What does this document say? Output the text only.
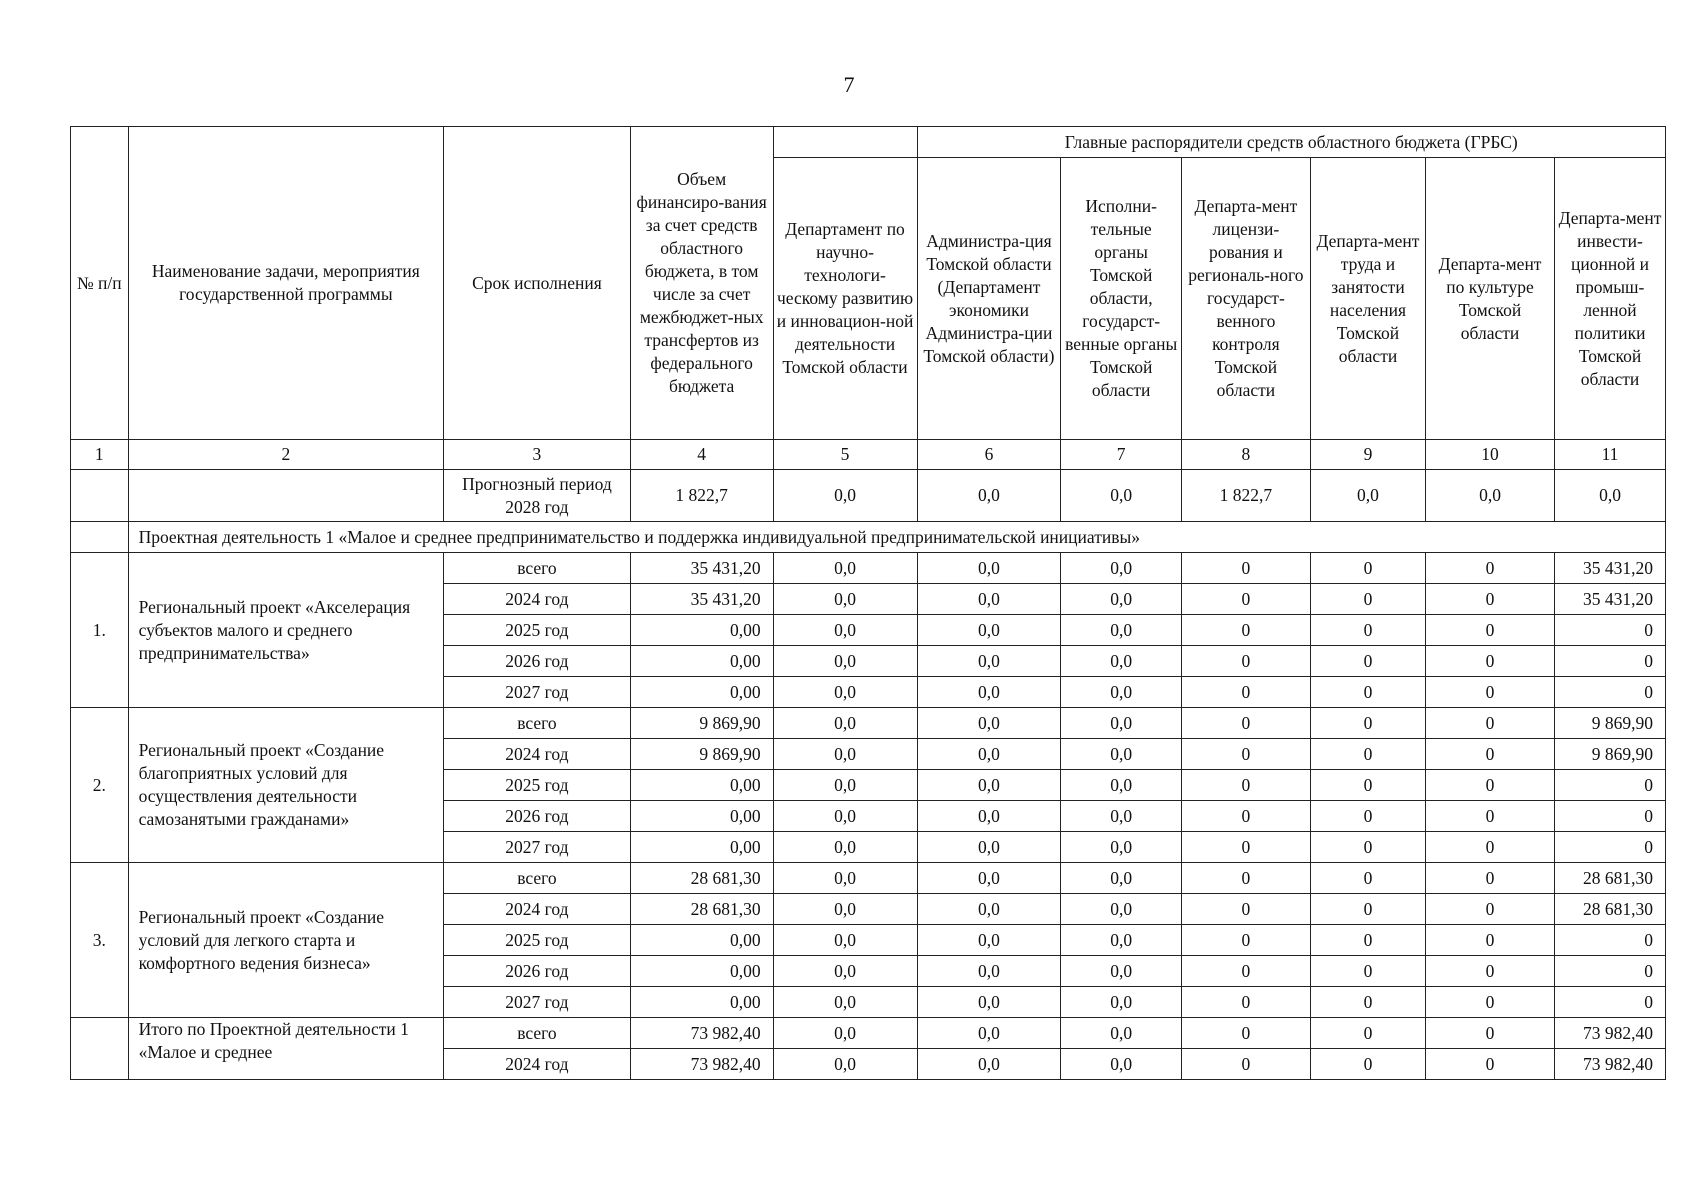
7
№ п/п	Наименование задачи, мероприятия государственной программы	Срок исполнения	Объем финансиро-вания за счет средств областного бюджета, в том числе за счет межбюджет-ных трансфертов из федерального бюджета		Главные распорядители средств областного бюджета (ГРБС)					
				Департамент по научно-технологи-ческому развитию и инновацион-ной деятельности Томской области	Администра-ция Томской области (Департамент экономики Администра-ции Томской области)	Исполни-тельные органы Томской области, государст-венные органы Томской области	Департа-мент лицензи-рования и региональ-ного государст-венного контроля Томской области	Департа-мент труда и занятости населения Томской области	Департа-мент по культуре Томской области	Департа-мент инвести-ционной и промыш-ленной политики Томской области
1	2	3	4	5	6	7	8	9	10	11
		Прогнозный период 2028 год	1 822,7	0,0	0,0	0,0	1 822,7	0,0	0,0	0,0
	Проектная деятельность 1 «Малое и среднее предпринимательство и поддержка индивидуальной предпринимательской инициативы»									
1.	Региональный проект «Акселерация субъектов малого и среднего предпринимательства»	всего	35 431,20	0,0	0,0	0,0	0	0	0	35 431,20
		2024 год	35 431,20	0,0	0,0	0,0	0	0	0	35 431,20
		2025 год	0,00	0,0	0,0	0,0	0	0	0	0
		2026 год	0,00	0,0	0,0	0,0	0	0	0	0
		2027 год	0,00	0,0	0,0	0,0	0	0	0	0
2.	Региональный проект «Создание благоприятных условий для осуществления деятельности самозанятыми гражданами»	всего	9 869,90	0,0	0,0	0,0	0	0	0	9 869,90
		2024 год	9 869,90	0,0	0,0	0,0	0	0	0	9 869,90
		2025 год	0,00	0,0	0,0	0,0	0	0	0	0
		2026 год	0,00	0,0	0,0	0,0	0	0	0	0
		2027 год	0,00	0,0	0,0	0,0	0	0	0	0
3.	Региональный проект «Создание условий для легкого старта и комфортного ведения бизнеса»	всего	28 681,30	0,0	0,0	0,0	0	0	0	28 681,30
		2024 год	28 681,30	0,0	0,0	0,0	0	0	0	28 681,30
		2025 год	0,00	0,0	0,0	0,0	0	0	0	0
		2026 год	0,00	0,0	0,0	0,0	0	0	0	0
		2027 год	0,00	0,0	0,0	0,0	0	0	0	0
	Итого по Проектной деятельности 1 «Малое и среднее	всего	73 982,40	0,0	0,0	0,0	0	0	0	73 982,40
		2024 год	73 982,40	0,0	0,0	0,0	0	0	0	73 982,40
